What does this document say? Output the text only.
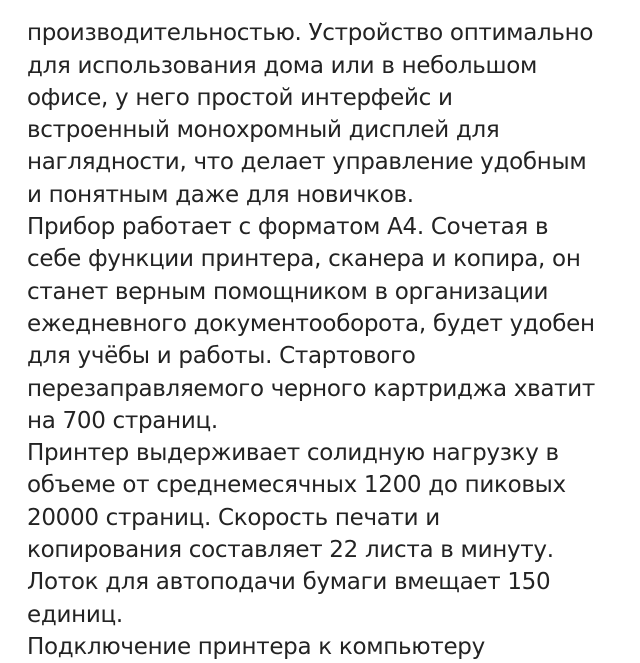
производительностью. Устройство оптимально
для использования дома или в небольшом
офисе, у него простой интерфейс и
встроенный монохромный дисплей для
наглядности, что делает управление удобным
и понятным даже для новичков.
Прибор работает с форматом А4. Сочетая в
себе функции принтера, сканера и копира, он
станет верным помощником в организации
ежедневного документооборота, будет удобен
для учёбы и работы. Стартового
перезаправляемого черного картриджа хватит
на 700 страниц.
Принтер выдерживает солидную нагрузку в
объеме от среднемесячных 1200 до пиковых
20000 страниц. Скорость печати и
копирования составляет 22 листа в минуту.
Лоток для автоподачи бумаги вмещает 150
единиц.
Подключение принтера к компьютеру
